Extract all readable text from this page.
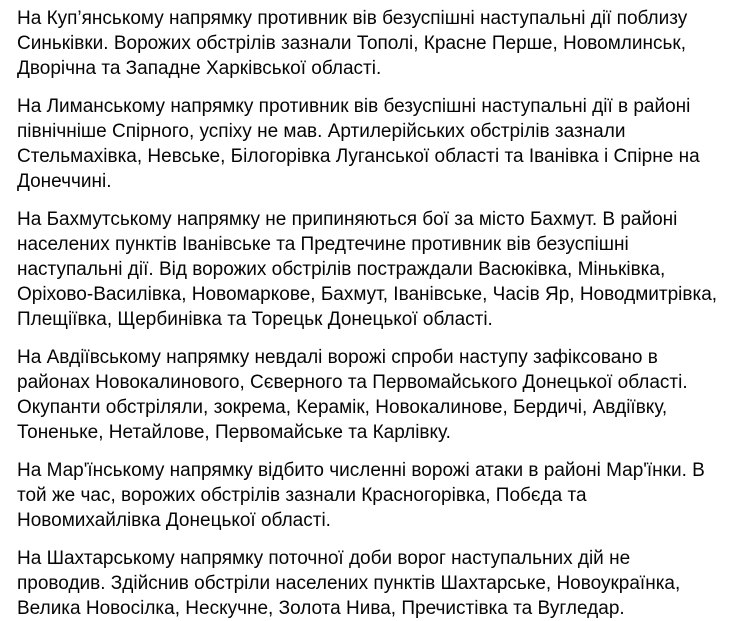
На Куп’янському напрямку противник вів безуспішні наступальні дії поблизу
Синьківки. Ворожих обстрілів зазнали Тополі, Красне Перше, Новомлинськ,
Дворічна та Западне Харківської області.

На Лиманському напрямку противник вів безуспішні наступальні дії в районі
північніше Спірного, успіху не мав. Артилерійських обстрілів зазнали
Стельмахівка, Невське, Білогорівка Луганської області та Іванівка і Спірне на
Донеччині.

На Бахмутському напрямку не припиняються бої за місто Бахмут. В районі
населених пунктів Іванівське та Предтечине противник вів безуспішні
наступальні дії. Від ворожих обстрілів постраждали Васюківка, Міньківка,
Оріхово-Василівка, Новомаркове, Бахмут, Іванівське, Часів Яр, Новодмитрівка,
Плещіївка, Щербинівка та Торецьк Донецької області.

На Авдіївському напрямку невдалі ворожі спроби наступу зафіксовано в
районах Новокалинового, Сєверного та Первомайського Донецької області.
Окупанти обстріляли, зокрема, Керамік, Новокалинове, Бердичі, Авдіївку,
Тоненьке, Нетайлове, Первомайське та Карлівку.

На Мар'їнському напрямку відбито численні ворожі атаки в районі Мар'їнки. В
той же час, ворожих обстрілів зазнали Красногорівка, Побєда та
Новомихайлівка Донецької області.

На Шахтарському напрямку поточної доби ворог наступальних дій не
проводив. Здійснив обстріли населених пунктів Шахтарське, Новоукраїнка,
Велика Новосілка, Нескучне, Золота Нива, Пречистівка та Вугледар.
